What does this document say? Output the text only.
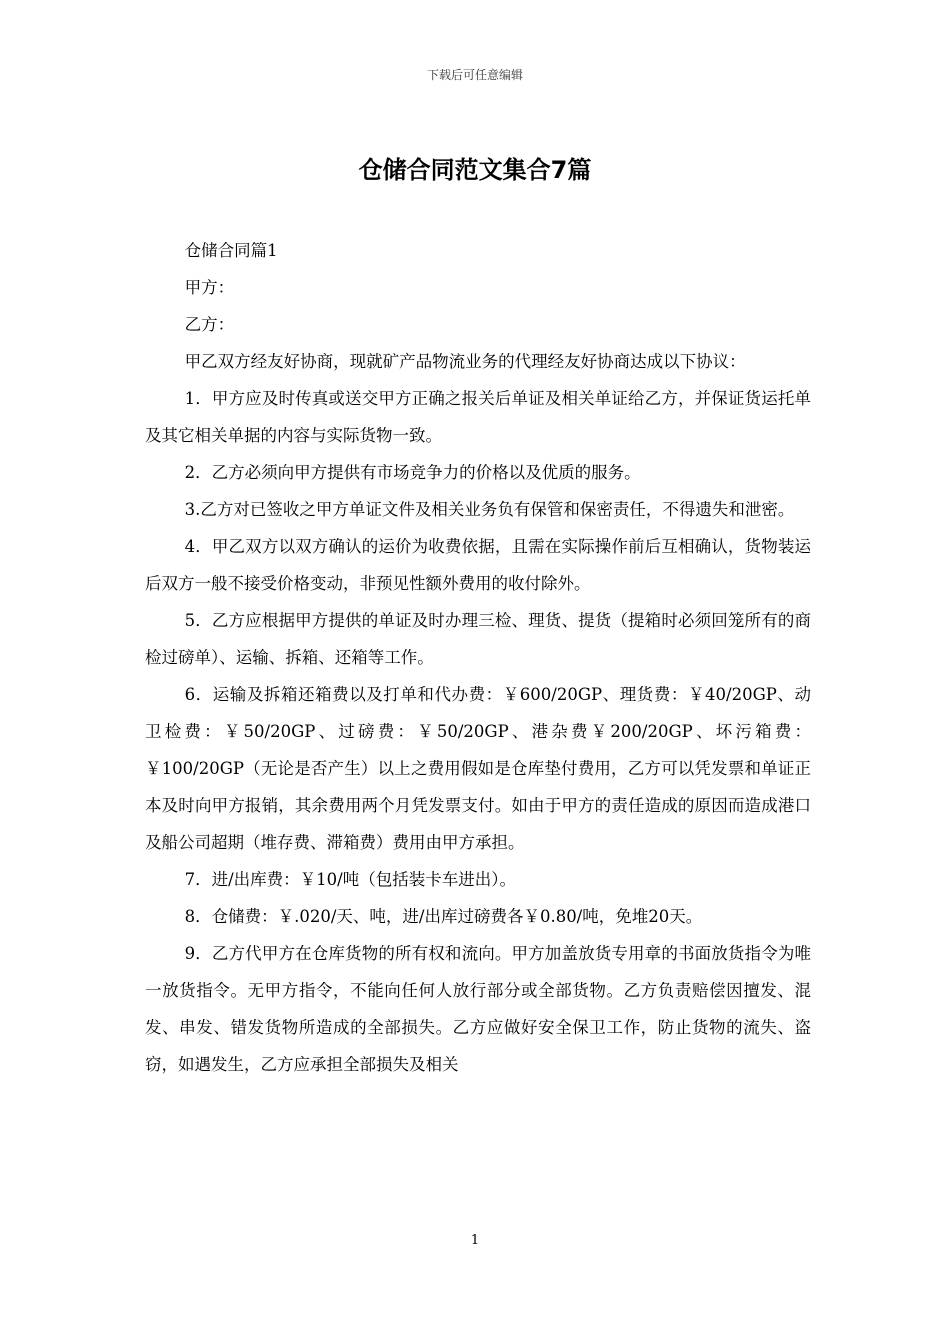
下载后可任意编辑
仓储合同范文集合7篇

仓储合同篇1

甲方：

乙方：

甲乙双方经友好协商，现就矿产品物流业务的代理经友好协商达成以下协议：

1．甲方应及时传真或送交甲方正确之报关后单证及相关单证给乙方，并保证货运托单及其它相关单据的内容与实际货物一致。

2．乙方必须向甲方提供有市场竞争力的价格以及优质的服务。

3.乙方对已签收之甲方单证文件及相关业务负有保管和保密责任，不得遗失和泄密。

4．甲乙双方以双方确认的运价为收费依据，且需在实际操作前后互相确认，货物装运后双方一般不接受价格变动，非预见性额外费用的收付除外。

5．乙方应根据甲方提供的单证及时办理三检、理货、提货（提箱时必须回笼所有的商检过磅单）、运输、拆箱、还箱等工作。

6．运输及拆箱还箱费以及打单和代办费：￥600/20GP、理货费：￥40/20GP、动卫检费：￥50/20GP、过磅费：￥50/20GP、港杂费￥200/20GP、坏污箱费：￥100/20GP（无论是否产生）以上之费用假如是仓库垫付费用，乙方可以凭发票和单证正本及时向甲方报销，其余费用两个月凭发票支付。如由于甲方的责任造成的原因而造成港口及船公司超期（堆存费、滞箱费）费用由甲方承担。

7．进/出库费：￥10/吨（包括装卡车进出）。

8．仓储费：￥.020/天、吨，进/出库过磅费各￥0.80/吨，免堆20天。

9．乙方代甲方在仓库货物的所有权和流向。甲方加盖放货专用章的书面放货指令为唯一放货指令。无甲方指令，不能向任何人放行部分或全部货物。乙方负责赔偿因擅发、混发、串发、错发货物所造成的全部损失。乙方应做好安全保卫工作，防止货物的流失、盗窃，如遇发生，乙方应承担全部损失及相关

1
